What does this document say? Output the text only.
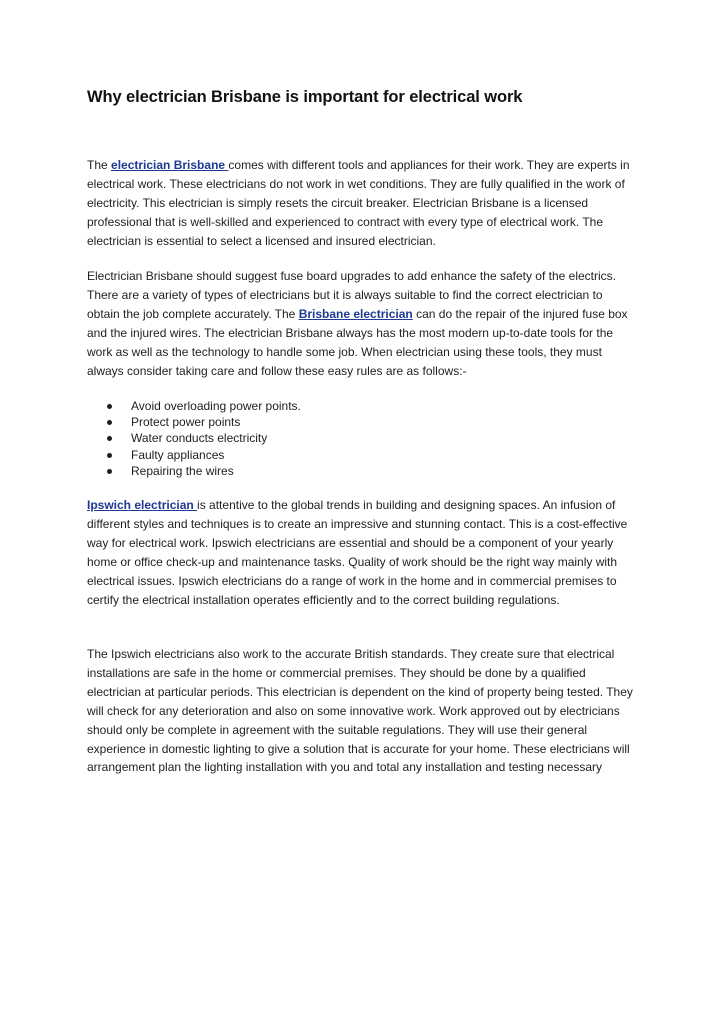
Why electrician Brisbane is important for electrical work

The electrician Brisbane comes with different tools and appliances for their work. They are experts in electrical work. These electricians do not work in wet conditions. They are fully qualified in the work of electricity. This electrician is simply resets the circuit breaker. Electrician Brisbane is a licensed professional that is well-skilled and experienced to contract with every type of electrical work. The electrician is essential to select a licensed and insured electrician.

Electrician Brisbane should suggest fuse board upgrades to add enhance the safety of the electrics. There are a variety of types of electricians but it is always suitable to find the correct electrician to obtain the job complete accurately. The Brisbane electrician can do the repair of the injured fuse box and the injured wires. The electrician Brisbane always has the most modern up-to-date tools for the work as well as the technology to handle some job. When electrician using these tools, they must always consider taking care and follow these easy rules are as follows:-

Avoid overloading power points.
Protect power points
Water conducts electricity
Faulty appliances
Repairing the wires

Ipswich electrician is attentive to the global trends in building and designing spaces. An infusion of different styles and techniques is to create an impressive and stunning contact. This is a cost-effective way for electrical work. Ipswich electricians are essential and should be a component of your yearly home or office check-up and maintenance tasks. Quality of work should be the right way mainly with electrical issues. Ipswich electricians do a range of work in the home and in commercial premises to certify the electrical installation operates efficiently and to the correct building regulations.

The Ipswich electricians also work to the accurate British standards. They create sure that electrical installations are safe in the home or commercial premises. They should be done by a qualified electrician at particular periods. This electrician is dependent on the kind of property being tested. They will check for any deterioration and also on some innovative work. Work approved out by electricians should only be complete in agreement with the suitable regulations. They will use their general experience in domestic lighting to give a solution that is accurate for your home. These electricians will arrangement plan the lighting installation with you and total any installation and testing necessary
